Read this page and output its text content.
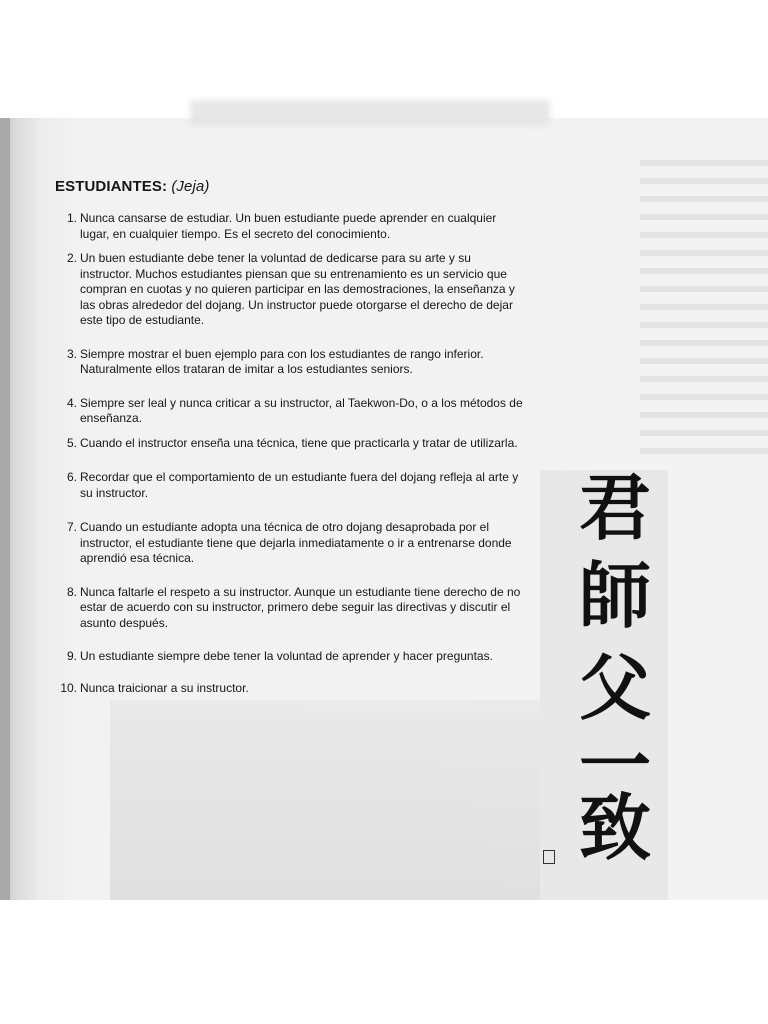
ESTUDIANTES: (Jeja)
1. Nunca cansarse de estudiar. Un buen estudiante puede aprender en cualquier lugar, en cualquier tiempo. Es el secreto del conocimiento.
2. Un buen estudiante debe tener la voluntad de dedicarse para su arte y su instructor. Muchos estudiantes piensan que su entrenamiento es un servicio que compran en cuotas y no quieren participar en las demostraciones, la enseñanza y las obras alrededor del dojang. Un instructor puede otorgarse el derecho de dejar este tipo de estudiante.
3. Siempre mostrar el buen ejemplo para con los estudiantes de rango inferior. Naturalmente ellos trataran de imitar a los estudiantes seniors.
4. Siempre ser leal y nunca criticar a su instructor, al Taekwon-Do, o a los métodos de enseñanza.
5. Cuando el instructor enseña una técnica, tiene que practicarla y tratar de utilizarla.
6. Recordar que el comportamiento de un estudiante fuera del dojang refleja al arte y su instructor.
7. Cuando un estudiante adopta una técnica de otro dojang desaprobada por el instructor, el estudiante tiene que dejarla inmediatamente o ir a entrenarse donde aprendió esa técnica.
8. Nunca faltarle el respeto a su instructor. Aunque un estudiante tiene derecho de no estar de acuerdo con su instructor, primero debe seguir las directivas y discutir el asunto después.
9. Un estudiante siempre debe tener la voluntad de aprender y hacer preguntas.
10. Nunca traicionar a su instructor.
君
師
父
一
致
